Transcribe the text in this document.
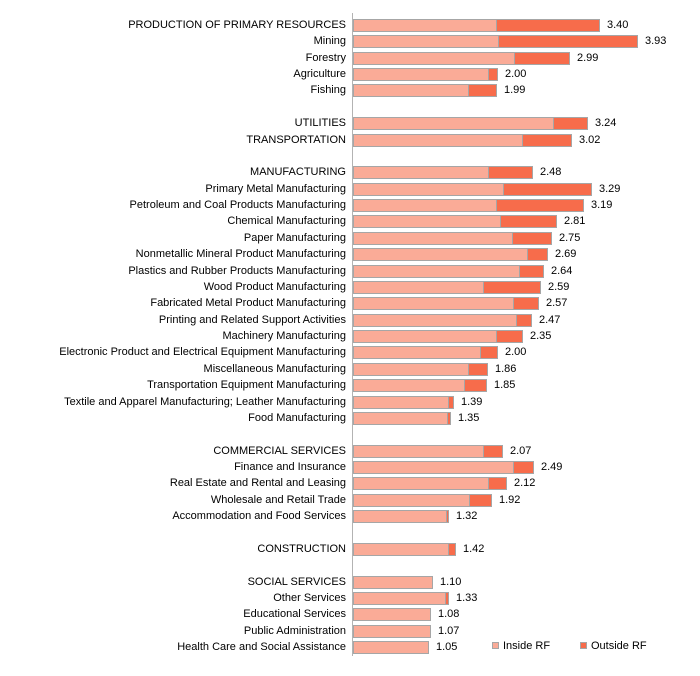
PRODUCTION OF PRIMARY RESOURCES	3.40
Mining	3.93
Forestry	2.99
Agriculture	2.00
Fishing	1.99
UTILITIES	3.24
TRANSPORTATION	3.02
MANUFACTURING	2.48
Primary Metal Manufacturing	3.29
Petroleum and Coal Products Manufacturing	3.19
Chemical Manufacturing	2.81
Paper Manufacturing	2.75
Nonmetallic Mineral Product Manufacturing	2.69
Plastics and Rubber Products Manufacturing	2.64
Wood Product Manufacturing	2.59
Fabricated Metal Product Manufacturing	2.57
Printing and Related Support Activities	2.47
Machinery Manufacturing	2.35
Electronic Product and Electrical Equipment Manufacturing	2.00
Miscellaneous Manufacturing	1.86
Transportation Equipment Manufacturing	1.85
Textile and Apparel Manufacturing; Leather Manufacturing	1.39
Food Manufacturing	1.35
COMMERCIAL SERVICES	2.07
Finance and Insurance	2.49
Real Estate and Rental and Leasing	2.12
Wholesale and Retail Trade	1.92
Accommodation and Food Services	1.32
CONSTRUCTION	1.42
SOCIAL SERVICES	1.10
Other Services	1.33
Educational Services	1.08
Public Administration	1.07
Health Care and Social Assistance	1.05	Inside RF	Outside RF
